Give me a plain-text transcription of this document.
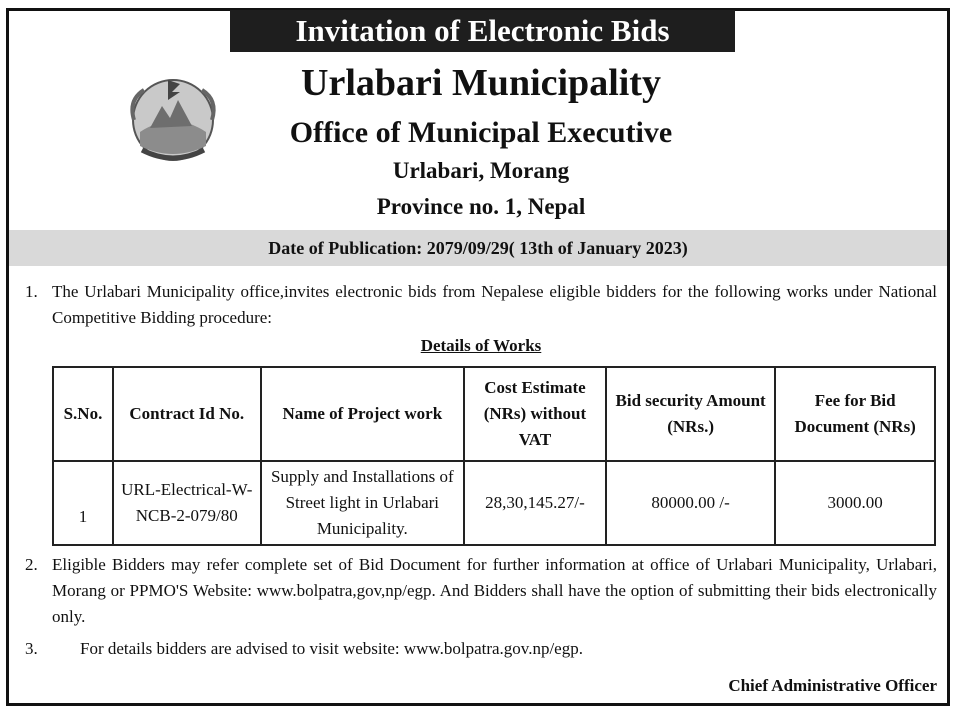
Invitation of Electronic Bids
Urlabari Municipality
Office of Municipal Executive
Urlabari, Morang
Province no. 1, Nepal
Date of Publication: 2079/09/29( 13th of January 2023)
1. The Urlabari Municipality office,invites electronic bids from Nepalese eligible bidders for the following works under National Competitive Bidding procedure:
Details of Works
S.No.	Contract Id No.	Name of Project work	Cost Estimate (NRs) without VAT	Bid security Amount (NRs.)	Fee for Bid Document (NRs)
1	URL-Electrical-W-NCB-2-079/80	Supply and Installations of Street light in Urlabari Municipality.	28,30,145.27/-	80000.00 /-	3000.00
2. Eligible Bidders may refer complete set of Bid Document for further information at office of Urlabari Municipality, Urlabari, Morang or PPMO'S Website: www.bolpatra,gov,np/egp. And Bidders shall have the option of submitting their bids electronically only.
3. For details bidders are advised to visit website: www.bolpatra.gov.np/egp.
Chief Administrative Officer
